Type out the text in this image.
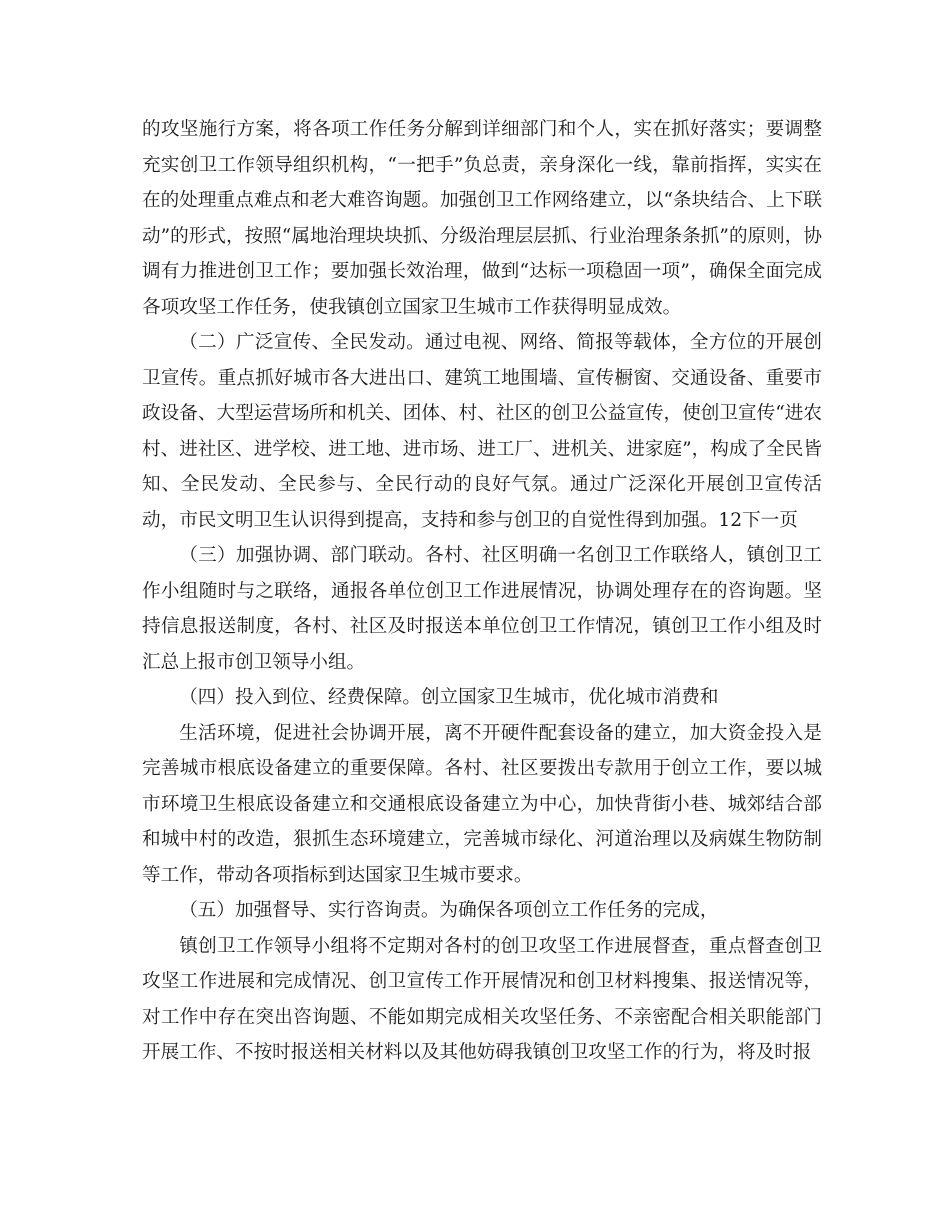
的攻坚施行方案，将各项工作任务分解到详细部门和个人，实在抓好落实；要调整充实创卫工作领导组织机构，“一把手”负总责，亲身深化一线，靠前指挥，实实在在的处理重点难点和老大难咨询题。加强创卫工作网络建立，以“条块结合、上下联动”的形式，按照“属地治理块块抓、分级治理层层抓、行业治理条条抓”的原则，协调有力推进创卫工作；要加强长效治理，做到“达标一项稳固一项”，确保全面完成各项攻坚工作任务，使我镇创立国家卫生城市工作获得明显成效。

（二）广泛宣传、全民发动。通过电视、网络、简报等载体，全方位的开展创卫宣传。重点抓好城市各大进出口、建筑工地围墙、宣传橱窗、交通设备、重要市政设备、大型运营场所和机关、团体、村、社区的创卫公益宣传，使创卫宣传“进农村、进社区、进学校、进工地、进市场、进工厂、进机关、进家庭”，构成了全民皆知、全民发动、全民参与、全民行动的良好气氛。通过广泛深化开展创卫宣传活动，市民文明卫生认识得到提高，支持和参与创卫的自觉性得到加强。12下一页

（三）加强协调、部门联动。各村、社区明确一名创卫工作联络人，镇创卫工作小组随时与之联络，通报各单位创卫工作进展情况，协调处理存在的咨询题。坚持信息报送制度，各村、社区及时报送本单位创卫工作情况，镇创卫工作小组及时汇总上报市创卫领导小组。

（四）投入到位、经费保障。创立国家卫生城市，优化城市消费和

生活环境，促进社会协调开展，离不开硬件配套设备的建立，加大资金投入是完善城市根底设备建立的重要保障。各村、社区要拨出专款用于创立工作，要以城市环境卫生根底设备建立和交通根底设备建立为中心，加快背街小巷、城郊结合部和城中村的改造，狠抓生态环境建立，完善城市绿化、河道治理以及病媒生物防制等工作，带动各项指标到达国家卫生城市要求。

（五）加强督导、实行咨询责。为确保各项创立工作任务的完成，

镇创卫工作领导小组将不定期对各村的创卫攻坚工作进展督查，重点督查创卫攻坚工作进展和完成情况、创卫宣传工作开展情况和创卫材料搜集、报送情况等，对工作中存在突出咨询题、不能如期完成相关攻坚任务、不亲密配合相关职能部门开展工作、不按时报送相关材料以及其他妨碍我镇创卫攻坚工作的行为，将及时报
